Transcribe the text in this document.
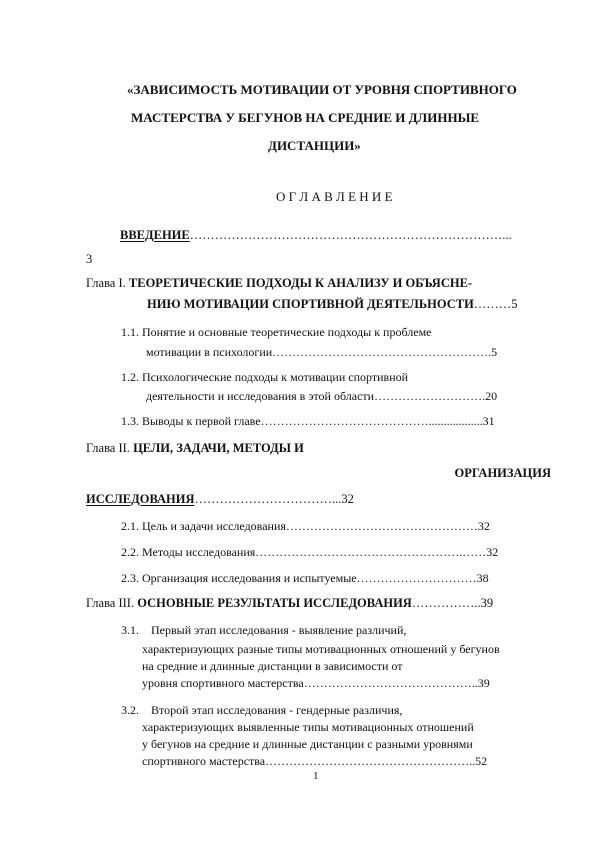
«ЗАВИСИМОСТЬ МОТИВАЦИИ ОТ УРОВНЯ СПОРТИВНОГО
МАСТЕРСТВА У БЕГУНОВ НА СРЕДНИЕ И ДЛИННЫЕ
ДИСТАНЦИИ»
О Г Л А В Л Е Н И Е
ВВЕДЕНИЕ…………………………………………………………………...
3
Глава I. ТЕОРЕТИЧЕСКИЕ ПОДХОДЫ К АНАЛИЗУ И ОБЪЯСНЕ-
НИЮ МОТИВАЦИИ СПОРТИВНОЙ ДЕЯТЕЛЬНОСТИ………5
1.1. Понятие и основные теоретические подходы к проблеме
мотивации в психологии……………………………………………….5
1.2. Психологические подходы к мотивации спортивной
деятельности и исследования в этой области……………………….20
1.3. Выводы к первой главе……………………………………..................31
Глава II. ЦЕЛИ, ЗАДАЧИ, МЕТОДЫ И
ОРГАНИЗАЦИЯ
ИССЛЕДОВАНИЯ……………………………...32
2.1. Цель и задачи исследования…………………………………………32
2.2. Методы исследования…………………………………………….……32
2.3. Организация исследования и испытуемые…………………………38
Глава III. ОСНОВНЫЕ РЕЗУЛЬТАТЫ ИССЛЕДОВАНИЯ……………..39
3.1.    Первый этап исследования - выявление различий,
характеризующих разные типы мотивационных отношений у бегунов
на средние и длинные дистанции в зависимости от
уровня спортивного мастерства……………………………………..39
3.2.    Второй этап исследования - гендерные различия,
характеризующих выявленные типы мотивационных отношений
у бегунов на средние и длинные дистанции с разными уровнями
спортивного мастерства……………………………………………..52
1
